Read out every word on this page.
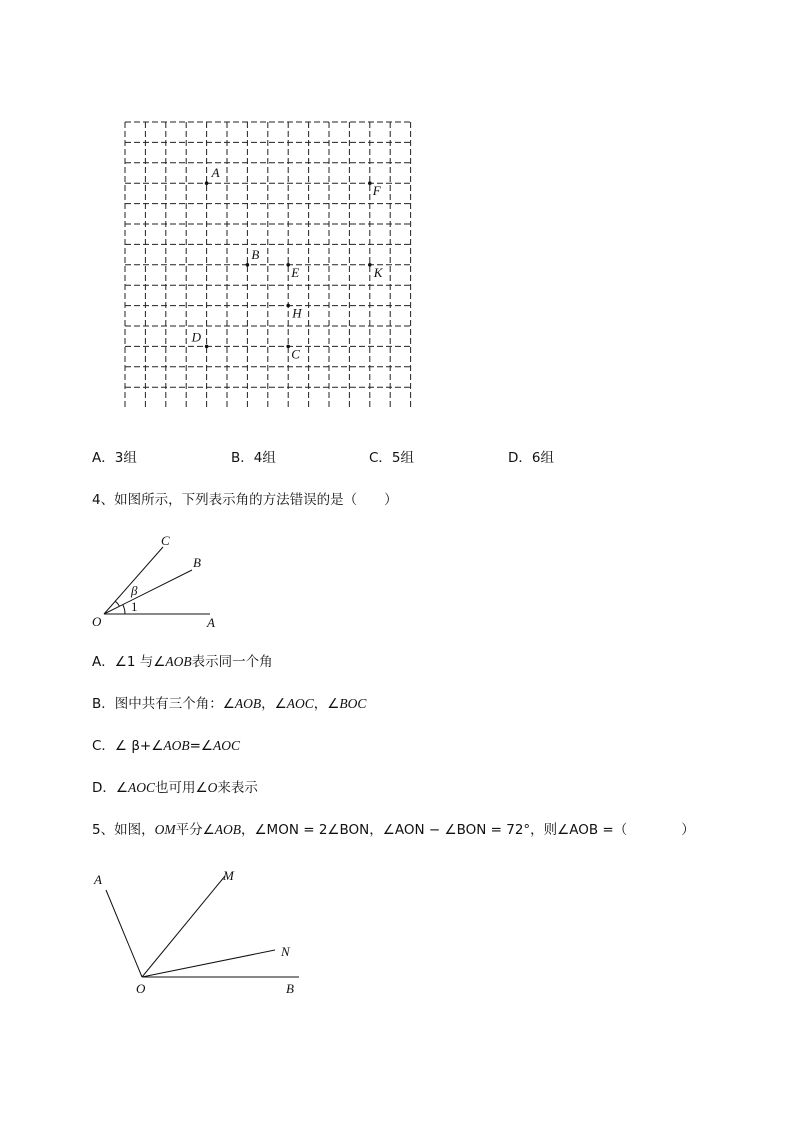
A
F
B
E	K
H
D
C
A．3组	B．4组	C．5组	D．6组
4、如图所示，下列表示角的方法错误的是（　　）
C
B
O	A
β
1
A．∠1 与∠AOB表示同一个角
B．图中共有三个角：∠AOB，∠AOC，∠BOC
C．∠ β+∠AOB=∠AOC
D．∠AOC也可用∠O来表示
5、如图，OM平分∠AOB，∠MON = 2∠BON，∠AON − ∠BON = 72°，则∠AOB =（　　　　）
A	M
N
O	B
